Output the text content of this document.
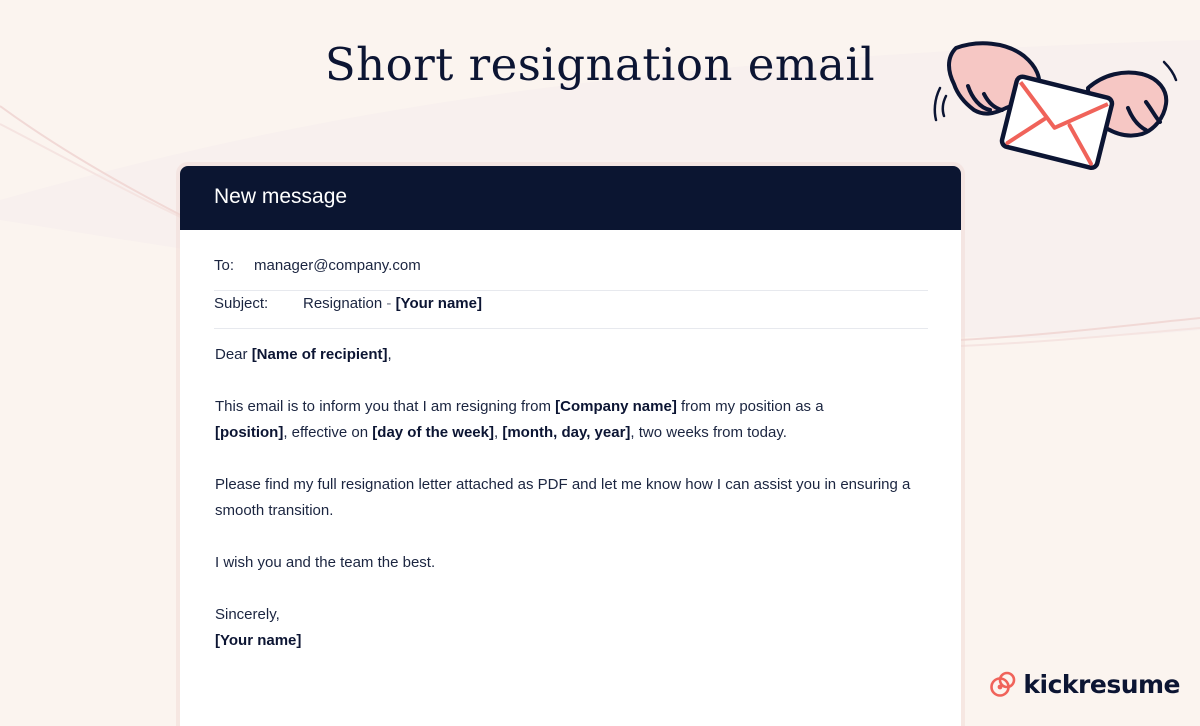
Short resignation email
New message
To: manager@company.com
Subject: Resignation - [Your name]

Dear [Name of recipient],

This email is to inform you that I am resigning from [Company name] from my position as a
[position], effective on [day of the week], [month, day, year], two weeks from today.

Please find my full resignation letter attached as PDF and let me know how I can assist you in ensuring a smooth transition.

I wish you and the team the best.

Sincerely,

[Your name]

kickresume
